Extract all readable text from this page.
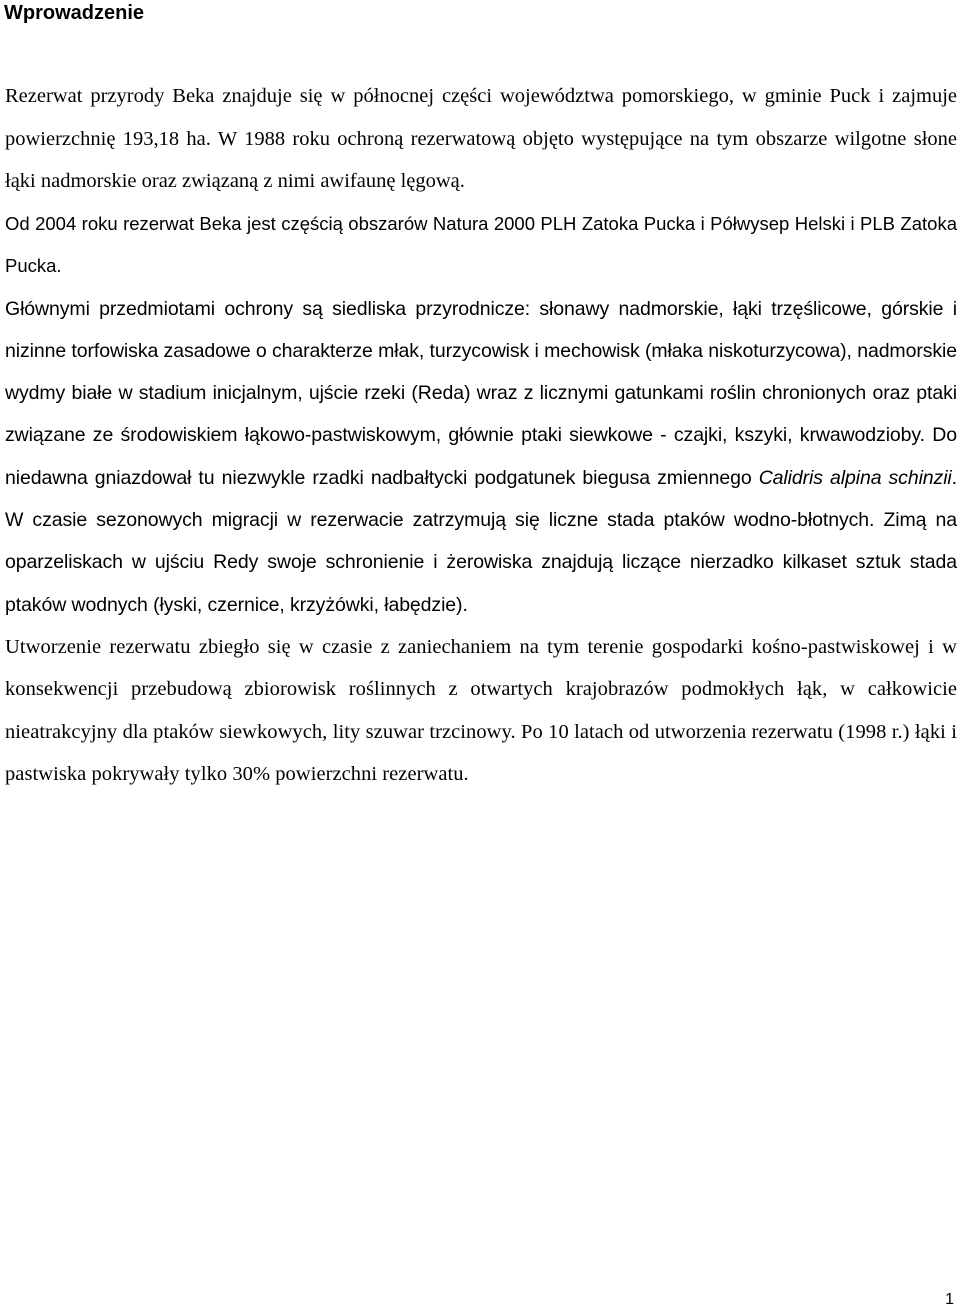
Wprowadzenie

Rezerwat przyrody Beka znajduje się w północnej części województwa pomorskiego, w gminie Puck i zajmuje powierzchnię 193,18 ha. W 1988 roku ochroną rezerwatową objęto występujące na tym obszarze wilgotne słone łąki nadmorskie oraz związaną z nimi awifaunę lęgową.

Od 2004 roku rezerwat Beka jest częścią obszarów Natura 2000 PLH Zatoka Pucka i Półwysep Helski i PLB Zatoka Pucka.

Głównymi przedmiotami ochrony są siedliska przyrodnicze: słonawy nadmorskie, łąki trzęślicowe, górskie i nizinne torfowiska zasadowe o charakterze młak, turzycowisk i mechowisk (młaka niskoturzycowa), nadmorskie wydmy białe w stadium inicjalnym, ujście rzeki (Reda) wraz z licznymi gatunkami roślin chronionych oraz ptaki związane ze środowiskiem łąkowo-pastwiskowym, głównie ptaki siewkowe - czajki, kszyki, krwawodzioby. Do niedawna gniazdował tu niezwykle rzadki nadbałtycki podgatunek biegusa zmiennego Calidris alpina schinzii. W czasie sezonowych migracji w rezerwacie zatrzymują się liczne stada ptaków wodno-błotnych. Zimą na oparzeliskach w ujściu Redy swoje schronienie i żerowiska znajdują liczące nierzadko kilkaset sztuk stada ptaków wodnych (łyski, czernice, krzyżówki, łabędzie).

Utworzenie rezerwatu zbiegło się w czasie z zaniechaniem na tym terenie gospodarki kośno-pastwiskowej i w konsekwencji przebudową zbiorowisk roślinnych z otwartych krajobrazów podmokłych łąk, w całkowicie nieatrakcyjny dla ptaków siewkowych, lity szuwar trzcinowy. Po 10 latach od utworzenia rezerwatu (1998 r.) łąki i pastwiska pokrywały tylko 30% powierzchni rezerwatu.

1
